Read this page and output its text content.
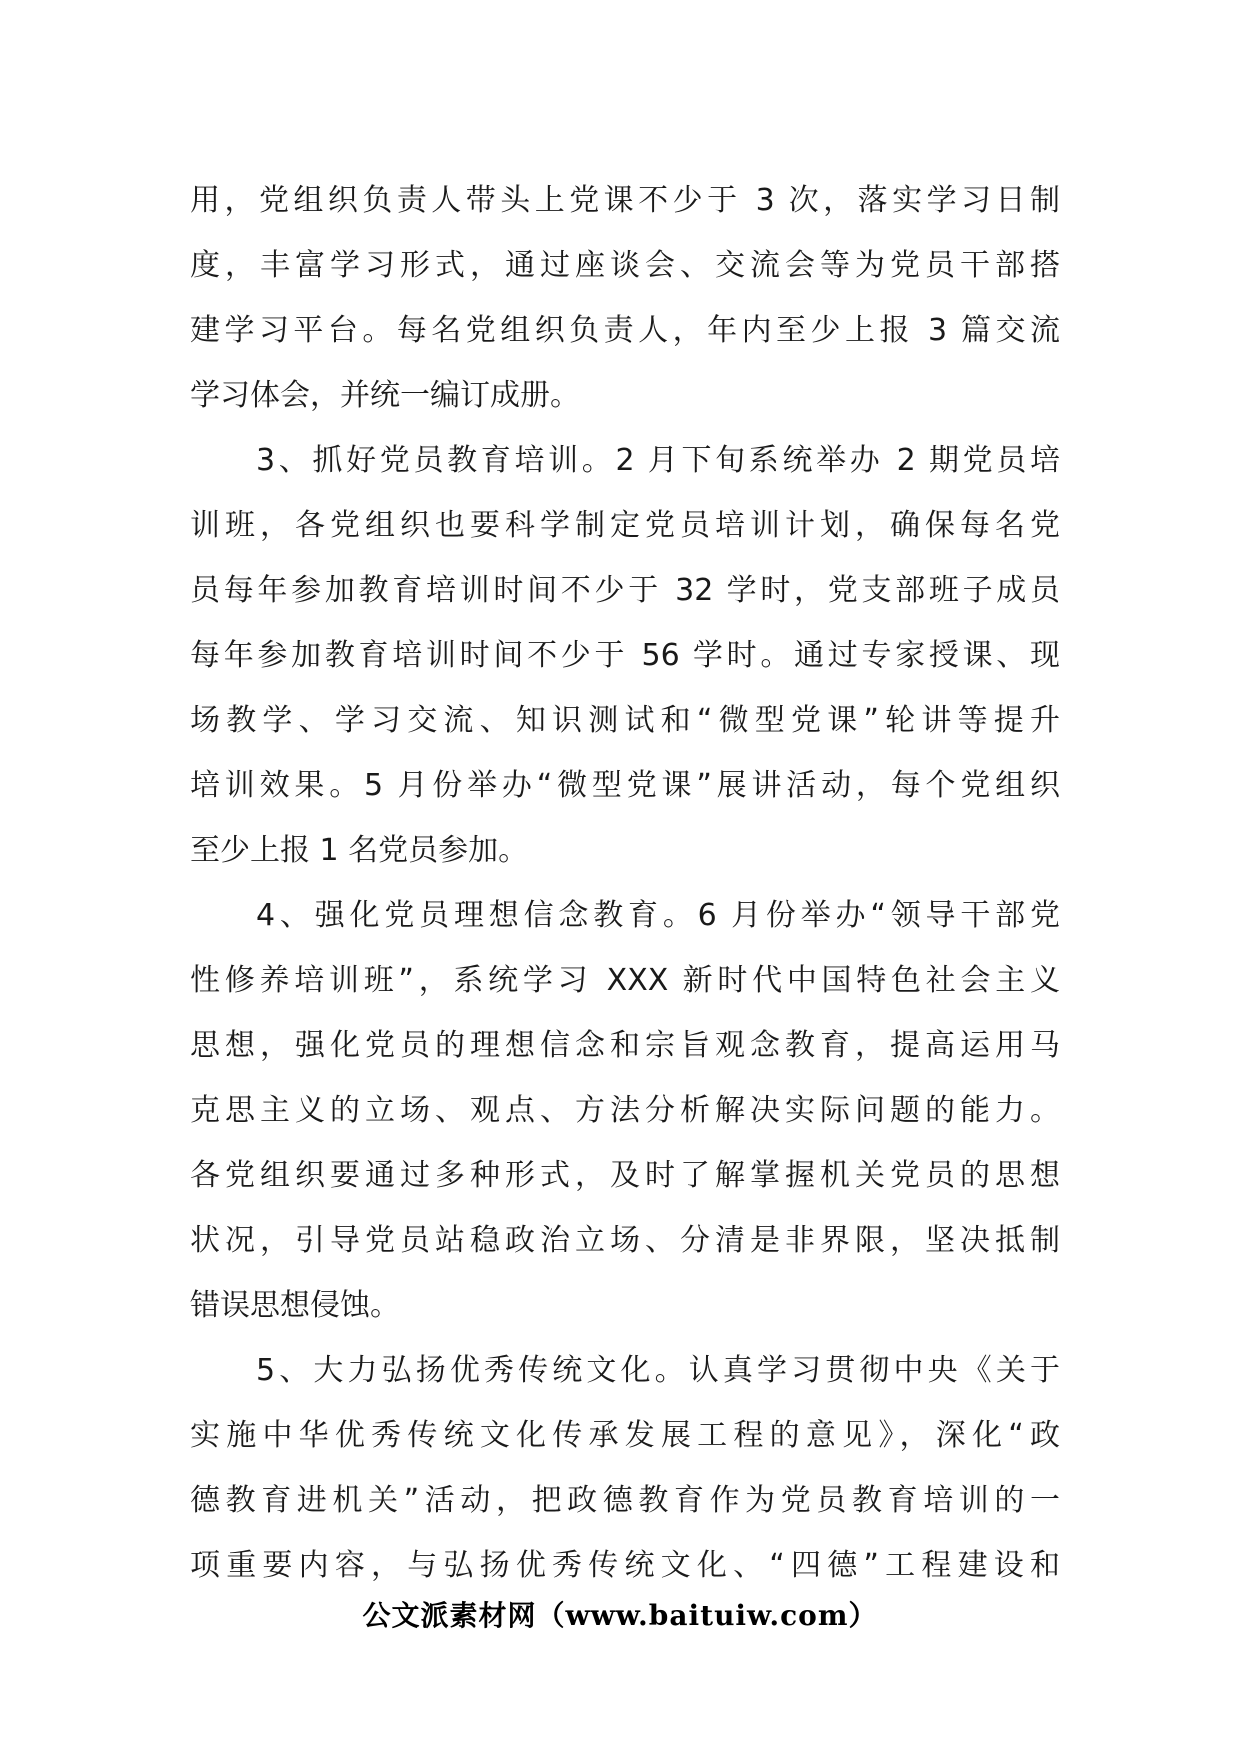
用，党组织负责人带头上党课不少于 3 次，落实学习日制
度，丰富学习形式，通过座谈会、交流会等为党员干部搭
建学习平台。每名党组织负责人，年内至少上报 3 篇交流
学习体会，并统一编订成册。
3、抓好党员教育培训。2 月下旬系统举办 2 期党员培
训班，各党组织也要科学制定党员培训计划，确保每名党
员每年参加教育培训时间不少于 32 学时，党支部班子成员
每年参加教育培训时间不少于 56 学时。通过专家授课、现
场教学、学习交流、知识测试和“微型党课”轮讲等提升
培训效果。5 月份举办“微型党课”展讲活动，每个党组织
至少上报 1 名党员参加。
4、强化党员理想信念教育。6 月份举办“领导干部党
性修养培训班”，系统学习 XXX 新时代中国特色社会主义
思想，强化党员的理想信念和宗旨观念教育，提高运用马
克思主义的立场、观点、方法分析解决实际问题的能力。
各党组织要通过多种形式，及时了解掌握机关党员的思想
状况，引导党员站稳政治立场、分清是非界限，坚决抵制
错误思想侵蚀。
5、大力弘扬优秀传统文化。认真学习贯彻中央《关于
实施中华优秀传统文化传承发展工程的意见》，深化“政
德教育进机关”活动，把政德教育作为党员教育培训的一
项重要内容，与弘扬优秀传统文化、“四德”工程建设和
公文派素材网（www.baituiw.com）
